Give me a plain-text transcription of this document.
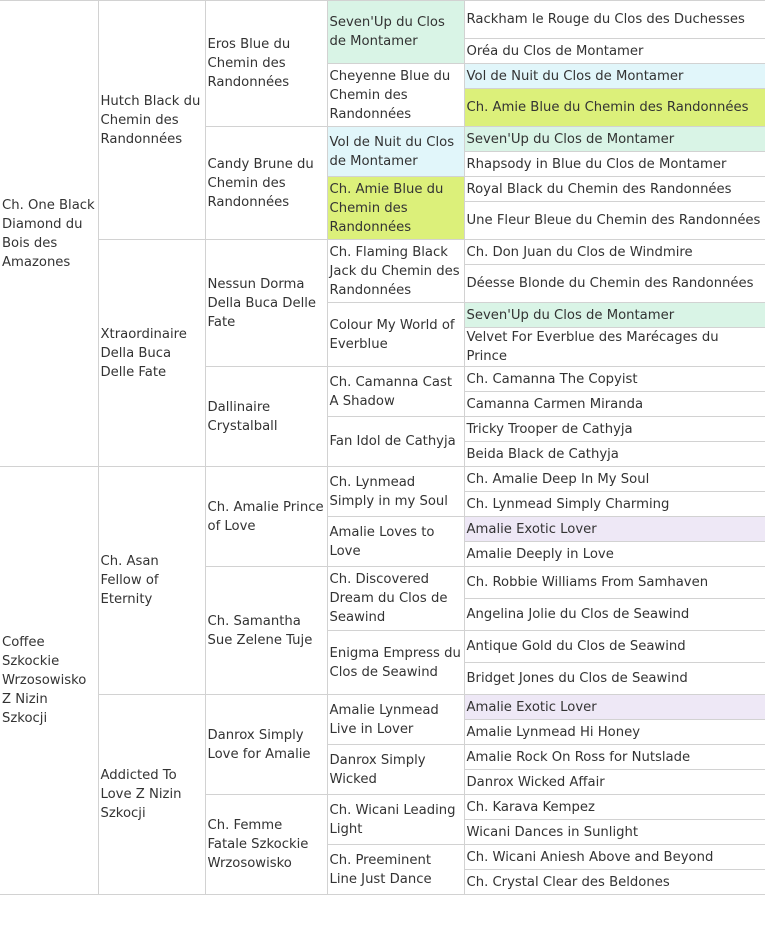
Ch. One Black Diamond du Bois des Amazones	Hutch Black du Chemin des Randonnées	Eros Blue du Chemin des Randonnées	Seven'Up du Clos de Montamer	Rackham le Rouge du Clos des Duchesses
				Oréa du Clos de Montamer
			Cheyenne Blue du Chemin des Randonnées	Vol de Nuit du Clos de Montamer
				Ch. Amie Blue du Chemin des Randonnées
		Candy Brune du Chemin des Randonnées	Vol de Nuit du Clos de Montamer	Seven'Up du Clos de Montamer
				Rhapsody in Blue du Clos de Montamer
			Ch. Amie Blue du Chemin des Randonnées	Royal Black du Chemin des Randonnées
				Une Fleur Bleue du Chemin des Randonnées
	Xtraordinaire Della Buca Delle Fate	Nessun Dorma Della Buca Delle Fate	Ch. Flaming Black Jack du Chemin des Randonnées	Ch. Don Juan du Clos de Windmire
				Déesse Blonde du Chemin des Randonnées
			Colour My World of Everblue	Seven'Up du Clos de Montamer
				Velvet For Everblue des Marécages du Prince
		Dallinaire Crystalball	Ch. Camanna Cast A Shadow	Ch. Camanna The Copyist
				Camanna Carmen Miranda
			Fan Idol de Cathyja	Tricky Trooper de Cathyja
				Beida Black de Cathyja
Coffee Szkockie Wrzosowisko Z Nizin Szkocji	Ch. Asan Fellow of Eternity	Ch. Amalie Prince of Love	Ch. Lynmead Simply in my Soul	Ch. Amalie Deep In My Soul
				Ch. Lynmead Simply Charming
			Amalie Loves to Love	Amalie Exotic Lover
				Amalie Deeply in Love
		Ch. Samantha Sue Zelene Tuje	Ch. Discovered Dream du Clos de Seawind	Ch. Robbie Williams From Samhaven
				Angelina Jolie du Clos de Seawind
			Enigma Empress du Clos de Seawind	Antique Gold du Clos de Seawind
				Bridget Jones du Clos de Seawind
	Addicted To Love Z Nizin Szkocji	Danrox Simply Love for Amalie	Amalie Lynmead Live in Lover	Amalie Exotic Lover
				Amalie Lynmead Hi Honey
			Danrox Simply Wicked	Amalie Rock On Ross for Nutslade
				Danrox Wicked Affair
		Ch. Femme Fatale Szkockie Wrzosowisko	Ch. Wicani Leading Light	Ch. Karava Kempez
				Wicani Dances in Sunlight
			Ch. Preeminent Line Just Dance	Ch. Wicani Aniesh Above and Beyond
				Ch. Crystal Clear des Beldones
